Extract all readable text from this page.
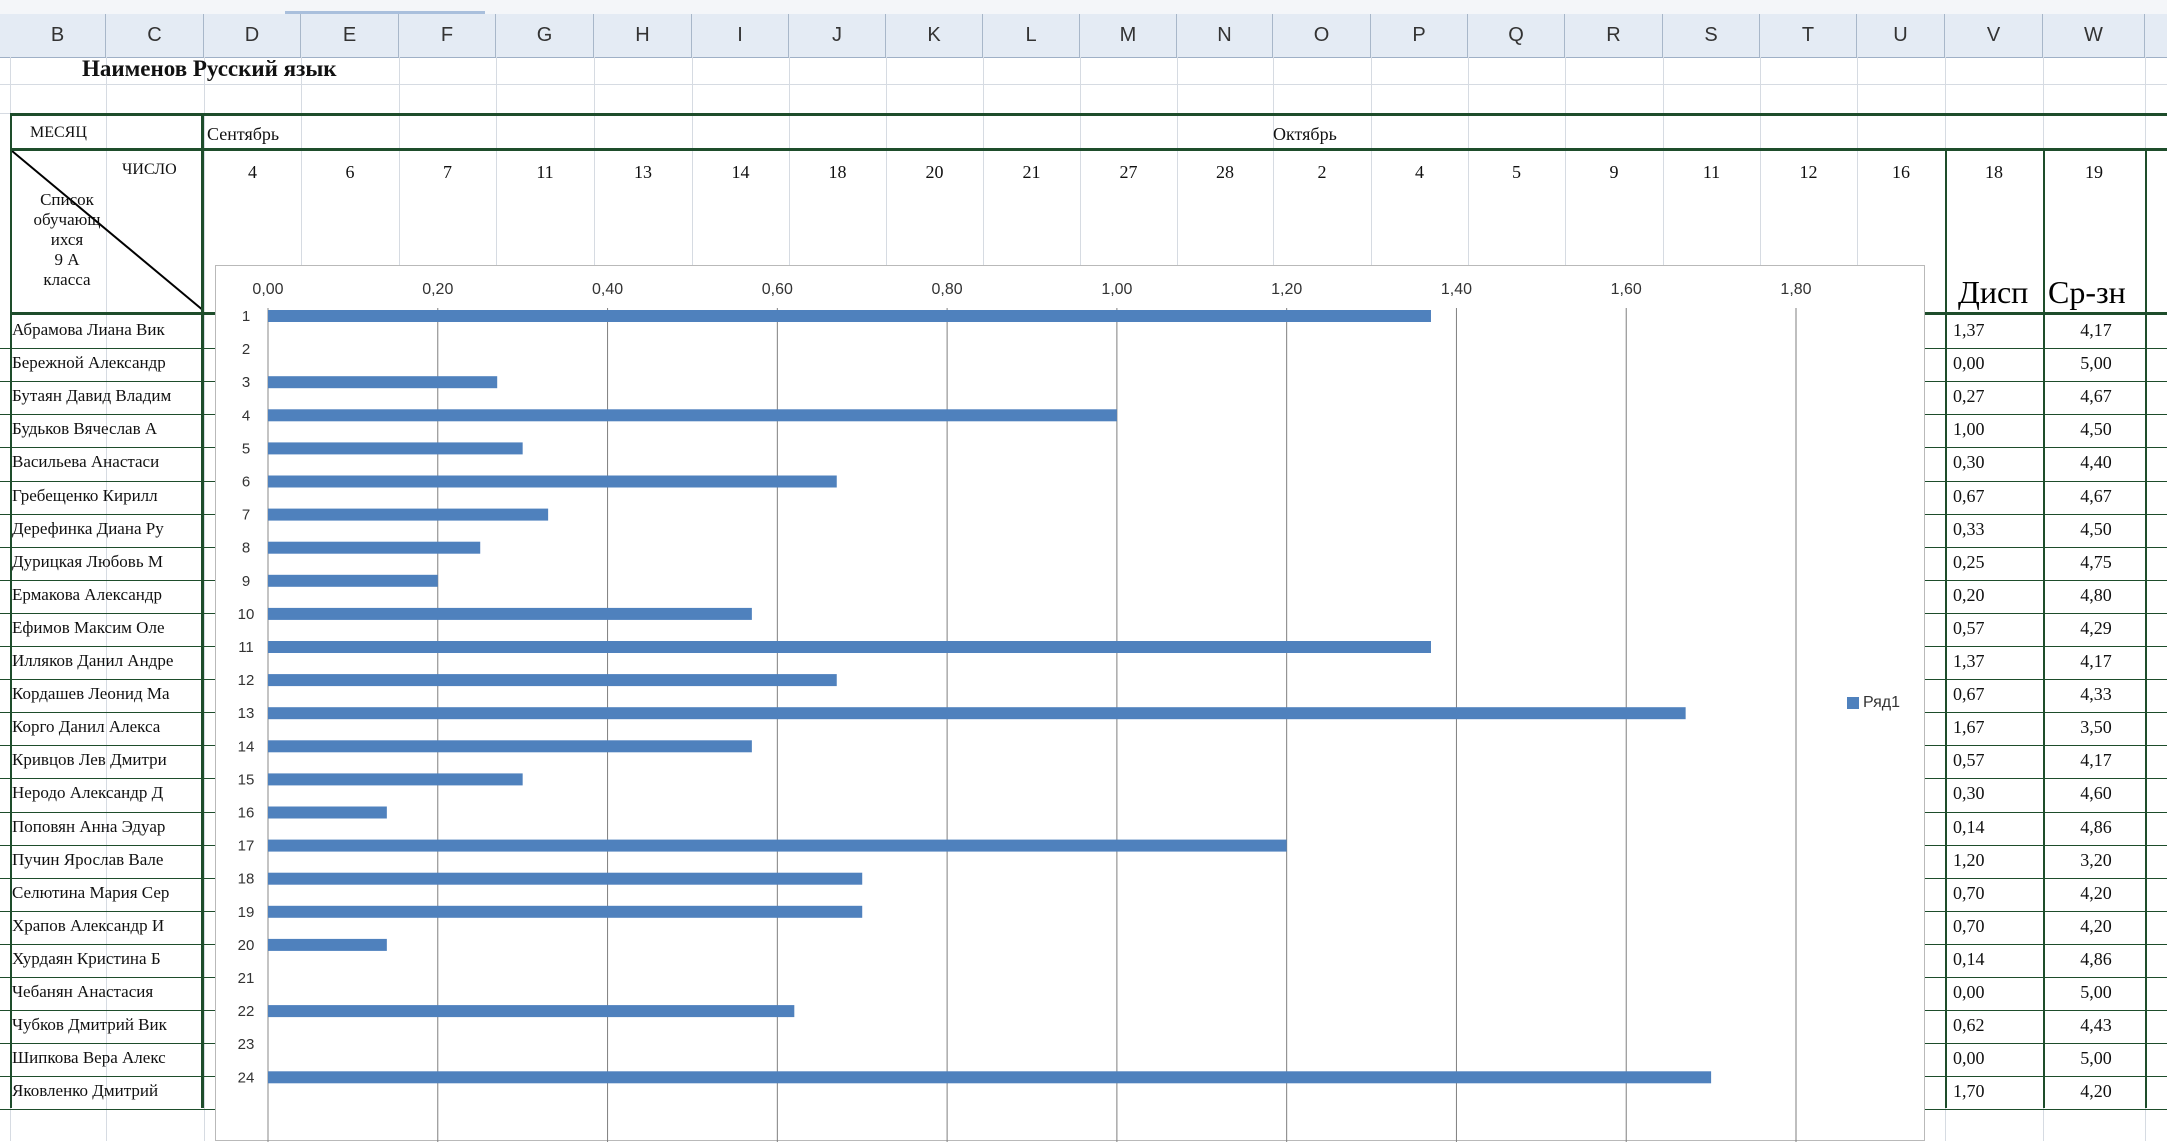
B	C	D	E	F	G	H	I	J	K	L	M	N	O	P	Q	R	S	T	U	V	W
Наименов Русский язык
МЕСЯЦ	Сентябрь	Октябрь
ЧИСЛО	4	6	7	11	13	14	18	20	21	27	28	2	4	5	9	11	12	16	18	19
Список
обучающ
ихся
9 А
класса	Дисп Ср-зн
Абрамова Лиана Вик	1,37	4,17
Бережной Александр	0,00	5,00
Бутаян Давид Владим	0,27	4,67
Будьков Вячеслав А	1,00	4,50
Васильева Анастаси	0,30	4,40
Гребещенко Кирилл	0,67	4,67
Дерефинка Диана Ру	0,33	4,50
Дурицкая Любовь М	0,25	4,75
Ермакова Александр	0,20	4,80
Ефимов Максим Оле	0,57	4,29
Илляков Данил Андре	1,37	4,17
Кордашев Леонид Ма	0,67	4,33
Корго Данил Алекса	1,67	3,50
Кривцов Лев Дмитри	0,57	4,17
Неродо Александр Д	0,30	4,60
Поповян Анна Эдуар	0,14	4,86
Пучин Ярослав Вале	1,20	3,20
Селютина Мария Сер	0,70	4,20
Храпов Александр И	0,70	4,20
Хурдаян Кристина Б	0,14	4,86
Чебанян Анастасия	0,00	5,00
Чубков Дмитрий Вик	0,62	4,43
Шипкова Вера Алекс	0,00	5,00
Яковленко Дмитрий	1,70	4,20
0,00	0,20	0,40	0,60	0,80	1,00	1,20	1,40	1,60	1,80
1
2
3
4
5
6
7
8
9
10
11
12
13
14
15
16
17
18
19
20
21
22
23
24
Ряд1
